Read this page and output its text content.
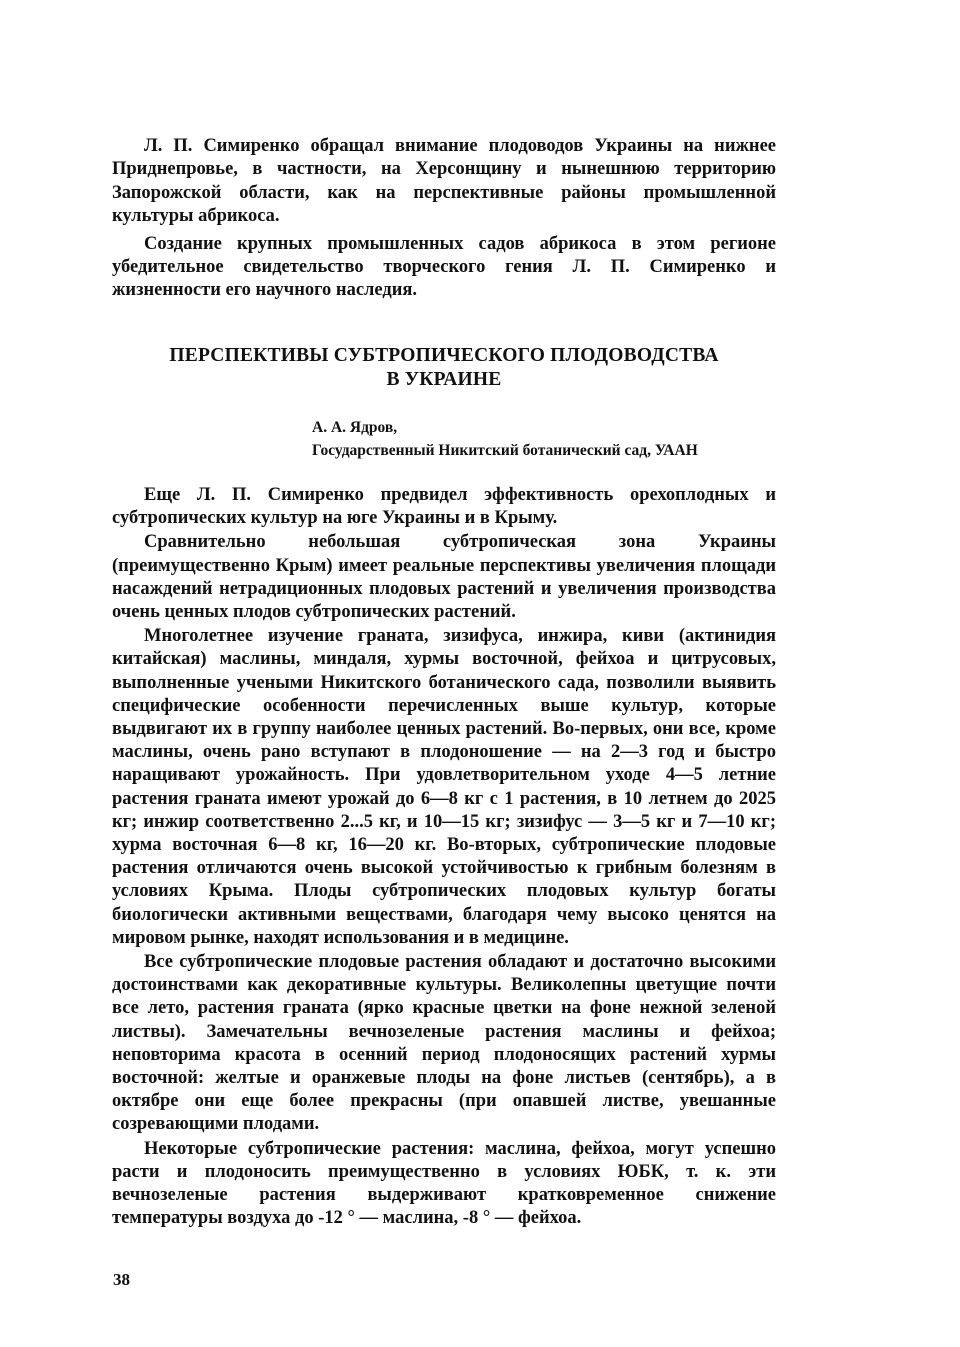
Л. П. Симиренко обращал внимание плодоводов Украины на нижнее Приднепровье, в частности, на Херсонщину и нынешнюю территорию Запорожской области, как на перспективные районы промышленной культуры абрикоса.

Создание крупных промышленных садов абрикоса в этом регионе убедительное свидетельство творческого гения Л. П. Симиренко и жизненности его научного наследия.

ПЕРСПЕКТИВЫ СУБТРОПИЧЕСКОГО ПЛОДОВОДСТВА
В УКРАИНЕ
А. А. Ядров,
Государственный Никитский ботанический сад, УААН

Еще Л. П. Симиренко предвидел эффективность орехоплодных и субтропических культур на юге Украины и в Крыму.

Сравнительно небольшая субтропическая зона Украины (преимущественно Крым) имеет реальные перспективы увеличения площади насаждений нетрадиционных плодовых растений и увеличения производства очень ценных плодов субтропических растений.

Многолетнее изучение граната, зизифуса, инжира, киви (актинидия китайская) маслины, миндаля, хурмы восточной, фейхоа и цитрусовых, выполненные учеными Никитского ботанического сада, позволили выявить специфические особенности перечисленных выше культур, которые выдвигают их в группу наиболее ценных растений. Во-первых, они все, кроме маслины, очень рано вступают в плодоношение — на 2—3 год и быстро наращивают урожайность. При удовлетворительном уходе 4—5 летние растения граната имеют урожай до 6—8 кг с 1 растения, в 10 летнем до 2025 кг; инжир соответственно 2...5 кг, и 10—15 кг; зизифус — 3—5 кг и 7—10 кг; хурма восточная 6—8 кг, 16—20 кг. Во-вторых, субтропические плодовые растения отличаются очень высокой устойчивостью к грибным болезням в условиях Крыма. Плоды субтропических плодовых культур богаты биологически активными веществами, благодаря чему высоко ценятся на мировом рынке, находят использования и в медицине.

Все субтропические плодовые растения обладают и достаточно высокими достоинствами как декоративные культуры. Великолепны цветущие почти все лето, растения граната (ярко красные цветки на фоне нежной зеленой листвы). Замечательны вечнозеленые растения маслины и фейхоа; неповторима красота в осенний период плодоносящих растений хурмы восточной: желтые и оранжевые плоды на фоне листьев (сентябрь), а в октябре они еще более прекрасны (при опавшей листве, увешанные созревающими плодами.

Некоторые субтропические растения: маслина, фейхоа, могут успешно расти и плодоносить преимущественно в условиях ЮБК, т. к. эти вечнозеленые растения выдерживают кратковременное снижение температуры воздуха до -12 ° — маслина, -8 ° — фейхоа.

38
